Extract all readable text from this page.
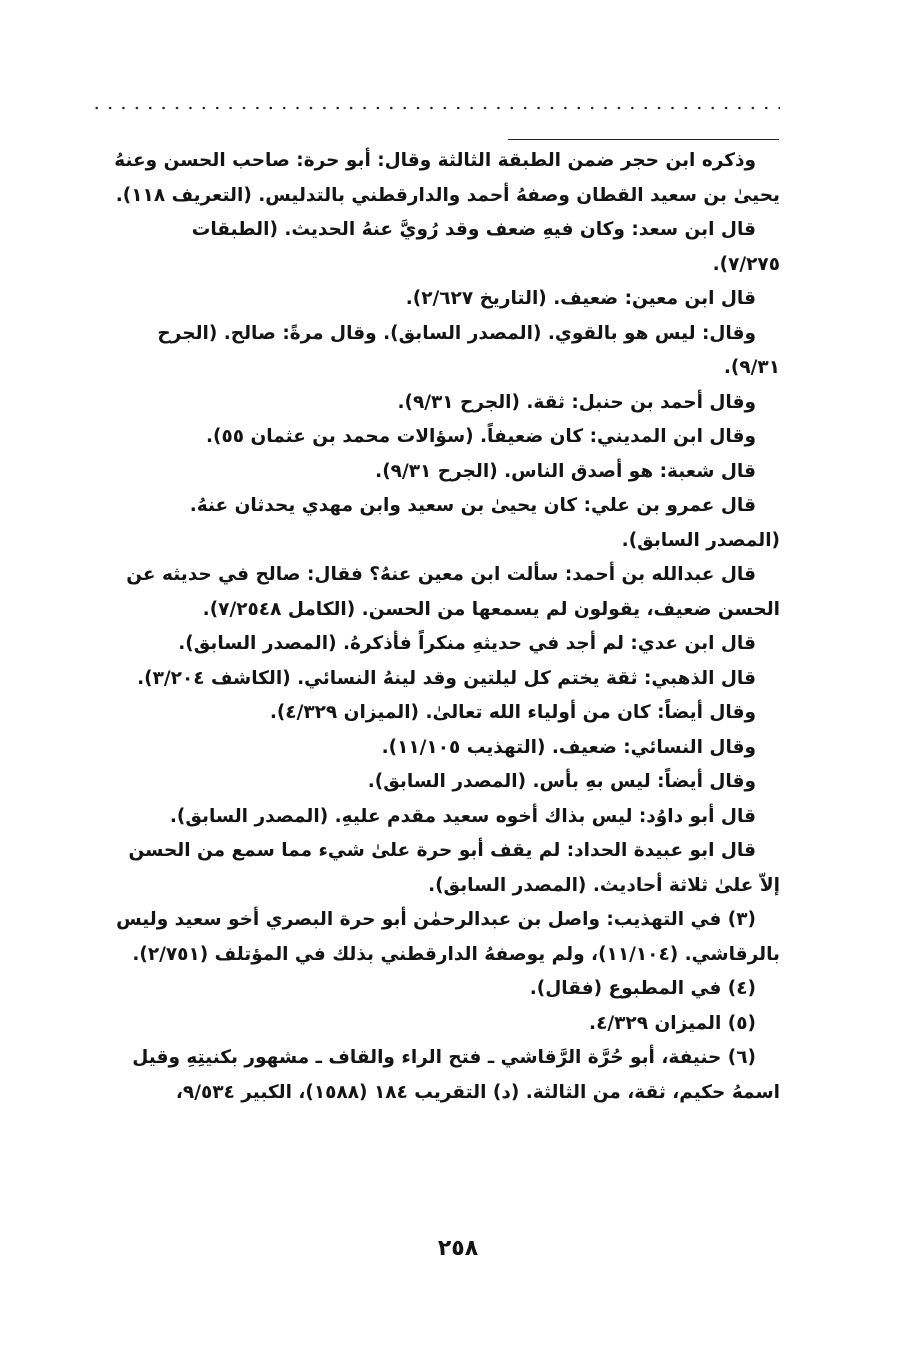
وذكره ابن حجر ضمن الطبقة الثالثة وقال: أبو حرة: صاحب الحسن وعنهُ

يحيىٰ بن سعيد القطان وصفهُ أحمد والدارقطني بالتدليس. (التعريف ١١٨).

قال ابن سعد: وكان فيهِ ضعف وقد رُويَّ عنهُ الحديث. (الطبقات

٧/٢٧٥).

قال ابن معين: ضعيف. (التاريخ ٢/٦٢٧).

وقال: ليس هو بالقوي. (المصدر السابق). وقال مرةً: صالح. (الجرح

٩/٣١).

وقال أحمد بن حنبل: ثقة. (الجرح ٩/٣١).

وقال ابن المديني: كان ضعيفاً. (سؤالات محمد بن عثمان ٥٥).

قال شعبة: هو أصدق الناس. (الجرح ٩/٣١).

قال عمرو بن علي: كان يحيىٰ بن سعيد وابن مهدي يحدثان عنهُ.

(المصدر السابق).

قال عبدالله بن أحمد: سألت ابن معين عنهُ؟ فقال: صالح في حديثه عن

الحسن ضعيف، يقولون لم يسمعها من الحسن. (الكامل ٧/٢٥٤٨).

قال ابن عدي: لم أجد في حديثهِ منكراً فأذكرهُ. (المصدر السابق).

قال الذهبي: ثقة يختم كل ليلتين وقد لينهُ النسائي. (الكاشف ٣/٢٠٤).

وقال أيضاً: كان من أولياء الله تعالىٰ. (الميزان ٤/٣٢٩).

وقال النسائي: ضعيف. (التهذيب ١١/١٠٥).

وقال أيضاً: ليس بهِ بأس. (المصدر السابق).

قال أبو داوُد: ليس بذاك أخوه سعيد مقدم عليهِ. (المصدر السابق).

قال ابو عبيدة الحداد: لم يقف أبو حرة علىٰ شيء مما سمع من الحسن

إلاّ علىٰ ثلاثة أحاديث. (المصدر السابق).

(٣) في التهذيب: واصل بن عبدالرحمٰن أبو حرة البصري أخو سعيد وليس

بالرقاشي. (١١/١٠٤)، ولم يوصفهُ الدارقطني بذلك في المؤتلف (٢/٧٥١).

(٤) في المطبوع (فقال).

(٥) الميزان ٤/٣٢٩.

(٦) حنيفة، أبو حُرَّة الرَّقاشي ـ فتح الراء والقاف ـ مشهور بكنيتِهِ وقيل

اسمهُ حكيم، ثقة، من الثالثة. (د) التقريب ١٨٤ (١٥٨٨)، الكبير ٩/٥٣٤،

٢٥٨
